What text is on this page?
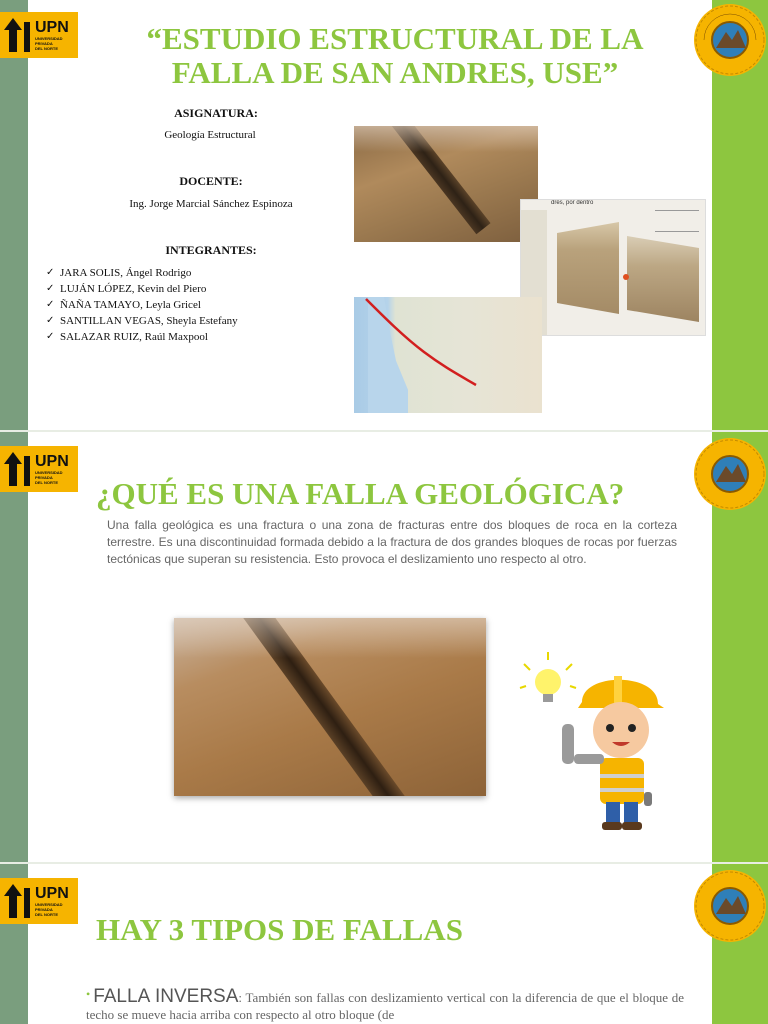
UPN
UNIVERSIDAD
PRIVADA
DEL NORTE	“ESTUDIO ESTRUCTURAL DE LA FALLA DE SAN ANDRES, USE”
ASIGNATURA:
Geología Estructural
DOCENTE:
Ing. Jorge Marcial Sánchez Espinoza
INTEGRANTES:
✓ JARA SOLIS, Ángel Rodrigo
✓ LUJÁN LÓPEZ, Kevin del Piero
✓ ÑAÑA TAMAYO, Leyla Gricel
✓ SANTILLAN VEGAS, Sheyla Estefany
✓ SALAZAR RUIZ, Raúl Maxpool
drés, por dentro
UPN
UNIVERSIDAD
PRIVADA
DEL NORTE	¿QUÉ ES UNA FALLA GEOLÓGICA?
Una falla geológica es una fractura o una zona de fracturas entre dos bloques de roca en la corteza terrestre. Es una discontinuidad formada debido a la fractura de dos grandes bloques de rocas por fuerzas tectónicas que superan su resistencia. Esto provoca el deslizamiento uno respecto al otro.
UPN
UNIVERSIDAD
PRIVADA
DEL NORTE	HAY 3 TIPOS DE FALLAS
• FALLA INVERSA: También son fallas con deslizamiento vertical con la diferencia de que el bloque de techo se mueve hacia arriba con respecto al otro bloque (de
